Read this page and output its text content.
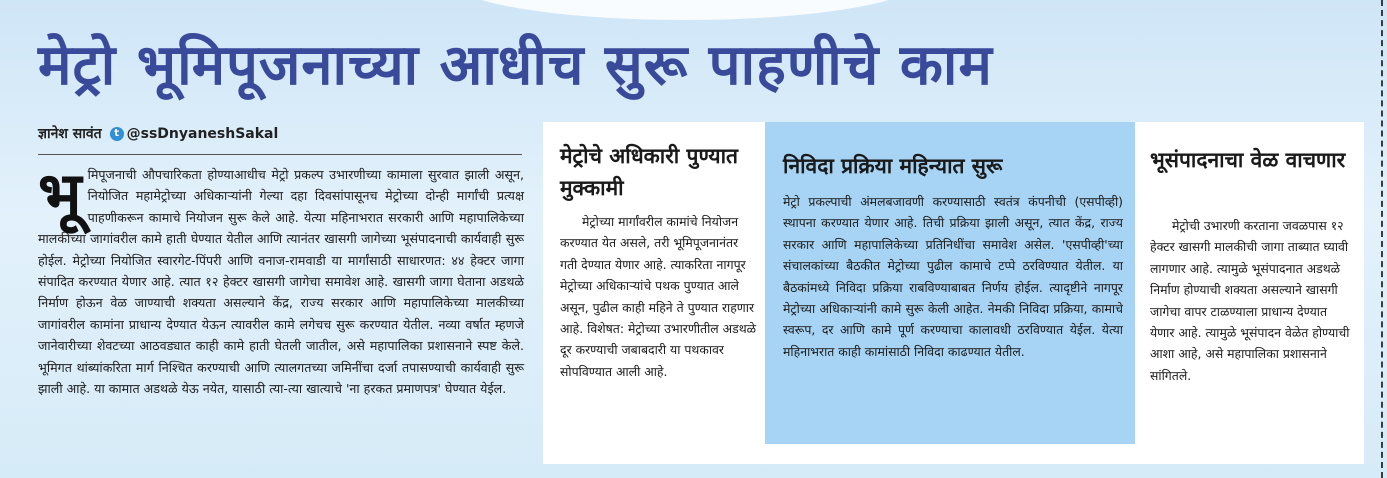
मेट्रो भूमिपूजनाच्या आधीच सुरू पाहणीचे काम
ज्ञानेश सावंत	t @ssDnyaneshSakal
भूमिपूजनाची औपचारिकता होण्याआधीच मेट्रो प्रकल्प उभारणीच्या कामाला सुरवात झाली असून, नियोजित महामेट्रोच्या अधिकाऱ्यांनी गेल्या दहा दिवसांपासूनच मेट्रोच्या दोन्ही मार्गांची प्रत्यक्ष पाहणीकरून कामाचे नियोजन सुरू केले आहे. येत्या महिनाभरात सरकारी आणि महापालिकेच्या मालकीच्या जागांवरील कामे हाती घेण्यात येतील आणि त्यानंतर खासगी जागेच्या भूसंपादनाची कार्यवाही सुरू होईल. मेट्रोच्या नियोजित स्वारगेट-पिंपरी आणि वनाज-रामवाडी या मार्गांसाठी साधारणत: ४४ हेक्टर जागा संपादित करण्यात येणार आहे. त्यात १२ हेक्टर खासगी जागेचा समावेश आहे. खासगी जागा घेताना अडथळे निर्माण होऊन वेळ जाण्याची शक्यता असल्याने केंद्र, राज्य सरकार आणि महापालिकेच्या मालकीच्या जागांवरील कामांना प्राधान्य देण्यात येऊन त्यावरील कामे लगेचच सुरू करण्यात येतील. नव्या वर्षात म्हणजे जानेवारीच्या शेवटच्या आठवड्यात काही कामे हाती घेतली जातील, असे महापालिका प्रशासनाने स्पष्ट केले. भूमिगत थांब्यांकरिता मार्ग निश्चित करण्याची आणि त्यालगतच्या जमिनींचा दर्जा तपासण्याची कार्यवाही सुरू झाली आहे. या कामात अडथळे येऊ नयेत, यासाठी त्या-त्या खात्याचे 'ना हरकत प्रमाणपत्र' घेण्यात येईल.
मेट्रोचे अधिकारी पुण्यात मुक्कामी

मेट्रोच्या मार्गांवरील कामांचे नियोजन करण्यात येत असले, तरी भूमिपूजनानंतर गती देण्यात येणार आहे. त्याकरिता नागपूर मेट्रोच्या अधिकाऱ्यांचे पथक पुण्यात आले असून, पुढील काही महिने ते पुण्यात राहणार आहे. विशेषत: मेट्रोच्या उभारणीतील अडथळे दूर करण्याची जबाबदारी या पथकावर सोपविण्यात आली आहे.

निविदा प्रक्रिया महिन्यात सुरू

मेट्रो प्रकल्पाची अंमलबजावणी करण्यासाठी स्वतंत्र कंपनीची (एसपीव्ही) स्थापना करण्यात येणार आहे. तिची प्रक्रिया झाली असून, त्यात केंद्र, राज्य सरकार आणि महापालिकेच्या प्रतिनिधींचा समावेश असेल. 'एसपीव्ही'च्या संचालकांच्या बैठकीत मेट्रोच्या पुढील कामाचे टप्पे ठरविण्यात येतील. या बैठकांमध्ये निविदा प्रक्रिया राबविण्याबाबत निर्णय होईल. त्यादृष्टीने नागपूर मेट्रोच्या अधिकाऱ्यांनी कामे सुरू केली आहेत. नेमकी निविदा प्रक्रिया, कामाचे स्वरूप, दर आणि कामे पूर्ण करण्याचा कालावधी ठरविण्यात येईल. येत्या महिनाभरात काही कामांसाठी निविदा काढण्यात येतील.

भूसंपादनाचा वेळ वाचणार

मेट्रोची उभारणी करताना जवळपास १२ हेक्टर खासगी मालकीची जागा ताब्यात घ्यावी लागणार आहे. त्यामुळे भूसंपादनात अडथळे निर्माण होण्याची शक्यता असल्याने खासगी जागेचा वापर टाळण्याला प्राधान्य देण्यात येणार आहे. त्यामुळे भूसंपादन वेळेत होण्याची आशा आहे, असे महापालिका प्रशासनाने सांगितले.
